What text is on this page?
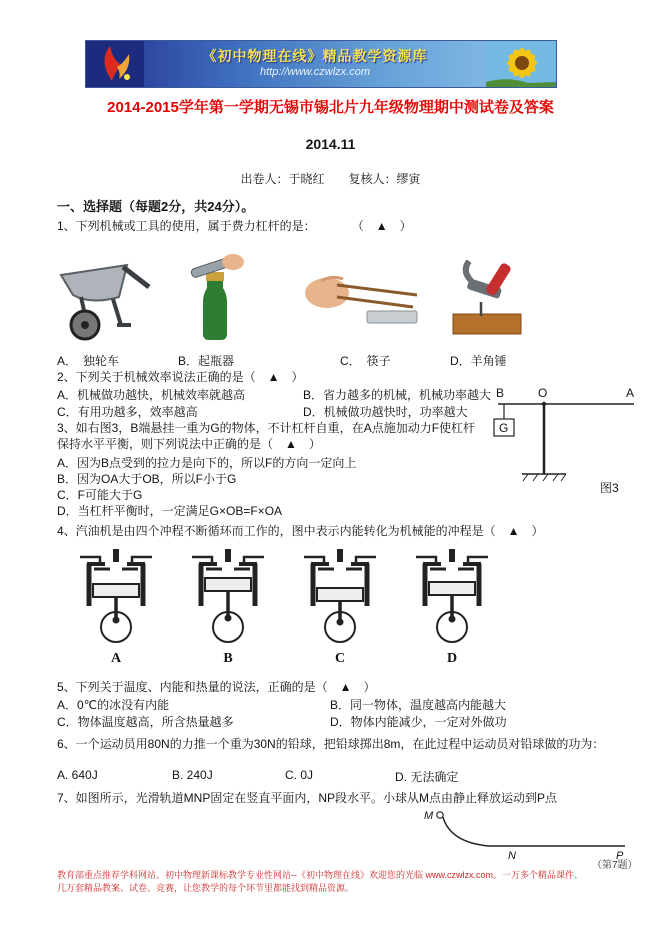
《初中物理在线》精品教学资源库
http://www.czwlzx.com
2014-2015学年第一学期无锡市锡北片九年级物理期中测试卷及答案
2014.11
出卷人：于晓红　　复核人：缪寅
一、选择题（每题2分，共24分）。
1、下列机械或工具的使用，属于费力杠杆的是：	（　▲　）
A．　独轮车	B．起瓶器	C．　筷子	D．羊角锤
2、下列关于机械效率说法正确的是（　▲　）
A．机械做功越快，机械效率就越高	B．省力越多的机械，机械功率越大
C．有用功越多，效率越高	D．机械做功越快时，功率越大
3、如右图3，B端悬挂一重为G的物体，不计杠杆自重，在A点施加动力F使杠杆保持水平平衡，则下列说法中正确的是（　▲　）
A．因为B点受到的拉力是向下的，所以F的方向一定向上
B．因为OA大于OB，所以F小于G
C．F可能大于G
D．当杠杆平衡时，一定满足G×OB=F×OA
B	O	A
G
图3
4、汽油机是由四个冲程不断循环而工作的，图中表示内能转化为机械能的冲程是（　▲　）
A	B	C	D
5、下列关于温度、内能和热量的说法，正确的是（　▲　）
A．0℃的冰没有内能	B．同一物体，温度越高内能越大
C．物体温度越高，所含热量越多	D．物体内能减少，一定对外做功
6、一个运动员用80N的力推一个重为30N的铅球，把铅球掷出8m，在此过程中运动员对铅球做的功为：
A. 640J	B. 240J	C. 0J	D. 无法确定
7、如图所示，光滑轨道MNP固定在竖直平面内，NP段水平。小球从M点由静止释放运动到P点
M
N	P
（第7题）
教育部重点推荐学科网站、初中物理新课标教学专业性网站--《初中物理在线》欢迎您的光临 www.czwlzx.com。一万多个精品课件、
几万套精品教案、试卷、竞赛，让您教学的每个环节里都能找到精品资源。
